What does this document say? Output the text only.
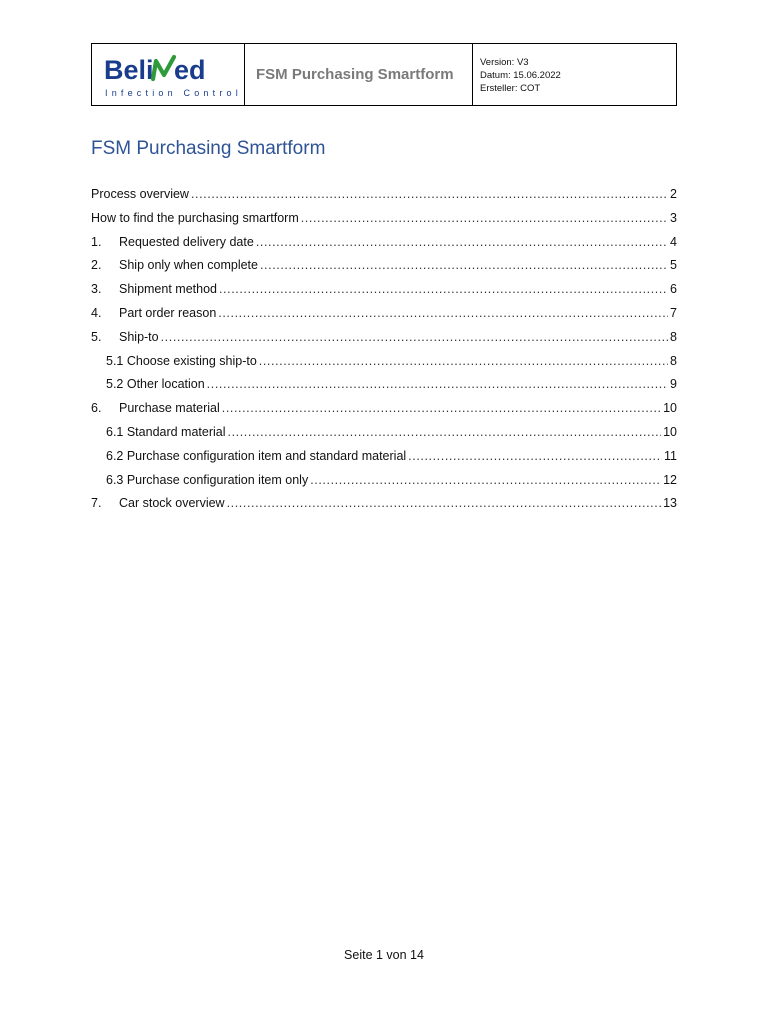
Beli ed
Infection Control
FSM Purchasing Smartform
Version: V3
Datum: 15.06.2022
Ersteller: COT
FSM Purchasing Smartform
Process overview .....	2
How to find the purchasing smartform .....	3
1.	Requested delivery date .....	4
2.	Ship only when complete .....	5
3.	Shipment method .....	6
4.	Part order reason .....	7
5.	Ship-to .....	8
5.1 Choose existing ship-to .....	8
5.2 Other location .....	9
6.	Purchase material .....	10
6.1 Standard material .....	10
6.2 Purchase configuration item and standard material .....	11
6.3 Purchase configuration item only .....	12
7.	Car stock overview .....	13
Seite 1 von 14
